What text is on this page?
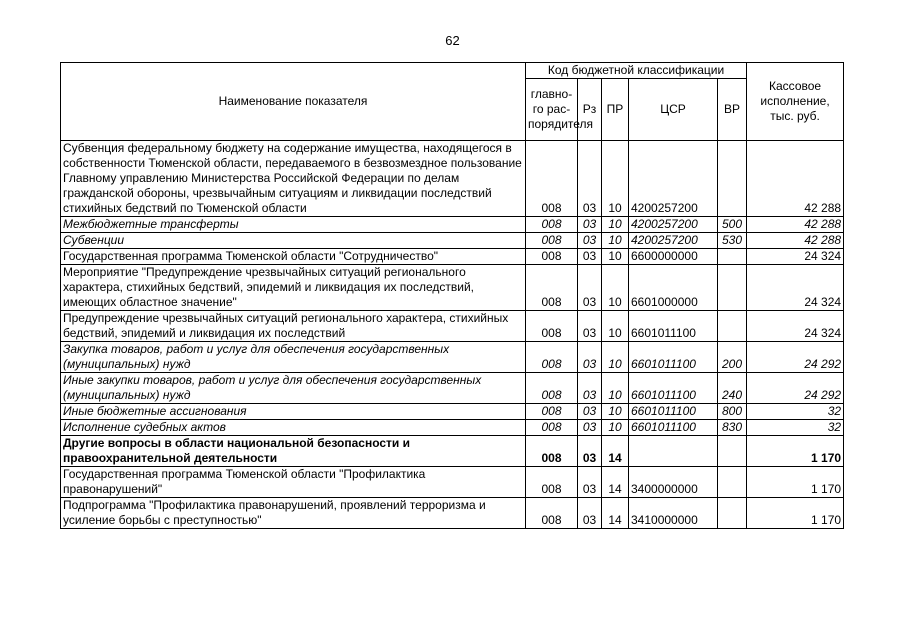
62
Наименование показателя	Код бюджетной классификации					Кассовое исполнение, тыс. руб.
	главно-го рас-порядителя	Рз	ПР	ЦСР	ВР	
Субвенция федеральному бюджету на содержание имущества, находящегося в собственности Тюменской области, передаваемого в безвозмездное пользование Главному управлению Министерства Российской Федерации по делам гражданской обороны, чрезвычайным ситуациям и ликвидации последствий стихийных бедствий по Тюменской области	008	03	10	4200257200		42 288
Межбюджетные трансферты	008	03	10	4200257200	500	42 288
Субвенции	008	03	10	4200257200	530	42 288
Государственная программа Тюменской области "Сотрудничество"	008	03	10	6600000000		24 324
Мероприятие "Предупреждение чрезвычайных ситуаций регионального характера, стихийных бедствий, эпидемий и ликвидация их последствий, имеющих областное значение"	008	03	10	6601000000		24 324
Предупреждение чрезвычайных ситуаций регионального характера, стихийных бедствий, эпидемий и ликвидация их последствий	008	03	10	6601011100		24 324
Закупка товаров, работ и услуг для обеспечения государственных (муниципальных) нужд	008	03	10	6601011100	200	24 292
Иные закупки товаров, работ и услуг для обеспечения государственных (муниципальных) нужд	008	03	10	6601011100	240	24 292
Иные бюджетные ассигнования	008	03	10	6601011100	800	32
Исполнение судебных актов	008	03	10	6601011100	830	32
Другие вопросы в области национальной безопасности и правоохранительной деятельности	008	03	14			1 170
Государственная программа Тюменской области "Профилактика правонарушений"	008	03	14	3400000000		1 170
Подпрограмма "Профилактика правонарушений, проявлений терроризма и усиление борьбы с преступностью"	008	03	14	3410000000		1 170
